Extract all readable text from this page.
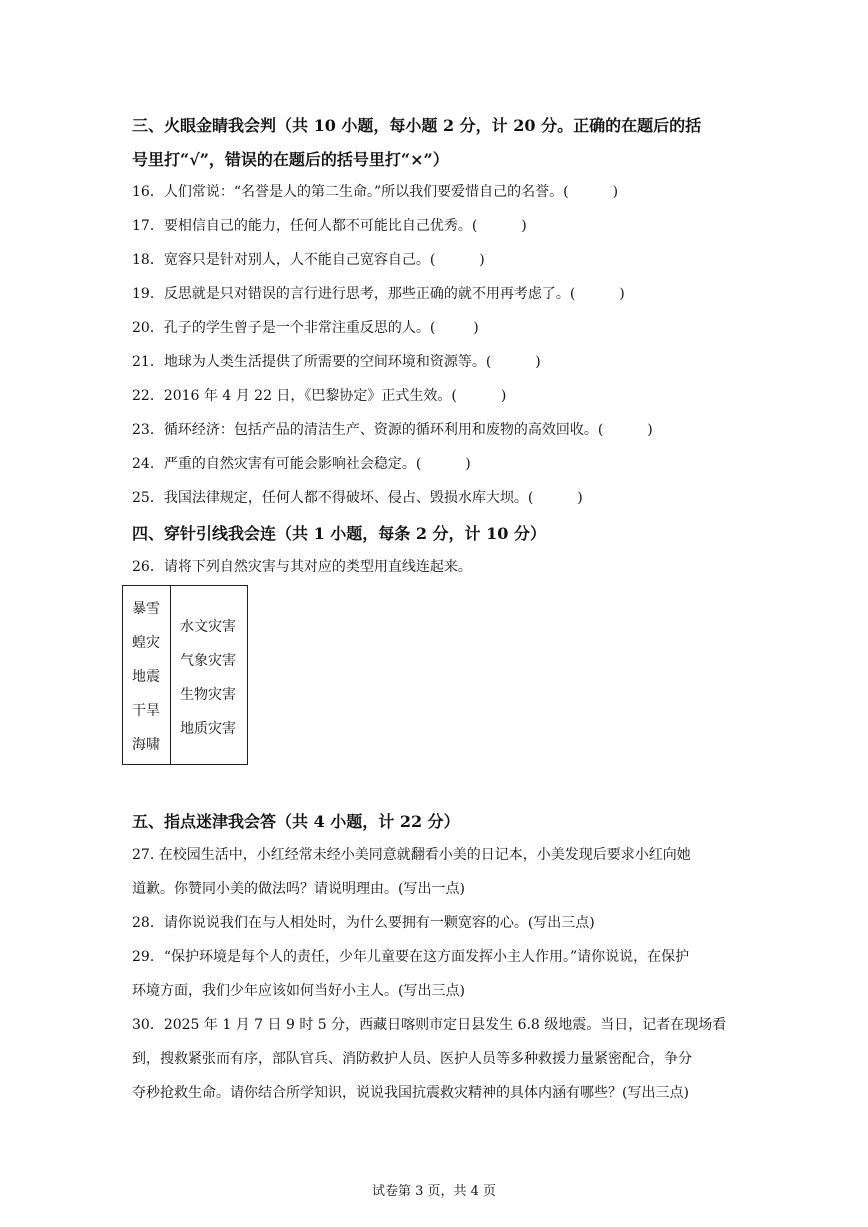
三、火眼金睛我会判（共 10 小题，每小题 2 分，计 20 分。正确的在题后的括
号里打“√”，错误的在题后的括号里打“×”）
16．人们常说：“名誉是人的第二生命。”所以我们要爱惜自己的名誉。(	)
17．要相信自己的能力，任何人都不可能比自己优秀。(	)
18．宽容只是针对别人，人不能自己宽容自己。(	)
19．反思就是只对错误的言行进行思考，那些正确的就不用再考虑了。(	)
20．孔子的学生曾子是一个非常注重反思的人。(	)
21．地球为人类生活提供了所需要的空间环境和资源等。(	)
22．2016 年 4 月 22 日，《巴黎协定》正式生效。(	)
23．循环经济：包括产品的清洁生产、资源的循环利用和废物的高效回收。(	)
24．严重的自然灾害有可能会影响社会稳定。(	)
25．我国法律规定，任何人都不得破坏、侵占、毁损水库大坝。(	)
四、穿针引线我会连（共 1 小题，每条 2 分，计 10 分）
26．请将下列自然灾害与其对应的类型用直线连起来。
暴雪
蝗灾
地震
干旱
海啸
水文灾害
气象灾害
生物灾害
地质灾害
五、指点迷津我会答（共 4 小题，计 22 分）
27. 在校园生活中，小红经常未经小美同意就翻看小美的日记本，小美发现后要求小红向她
道歉。你赞同小美的做法吗？请说明理由。(写出一点)
28．请你说说我们在与人相处时，为什么要拥有一颗宽容的心。(写出三点)
29．“保护环境是每个人的责任，少年儿童要在这方面发挥小主人作用。”请你说说，在保护
环境方面，我们少年应该如何当好小主人。(写出三点)
30．2025 年 1 月 7 日 9 时 5 分，西藏日喀则市定日县发生 6.8 级地震。当日，记者在现场看
到，搜救紧张而有序，部队官兵、消防救护人员、医护人员等多种救援力量紧密配合，争分
夺秒抢救生命。请你结合所学知识，说说我国抗震救灾精神的具体内涵有哪些？(写出三点)
试卷第 3 页，共 4 页
